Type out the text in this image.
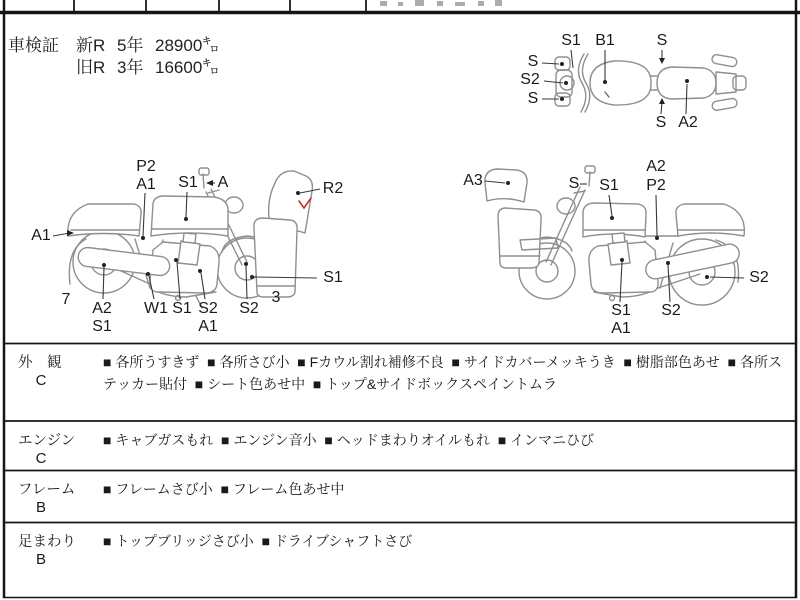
車検証 新R 5年 28900㌔
旧R 3年 16600㌔
S1 B1	S
S
S2
S
S A2
P2
A1 S1 A	R2
A1
S1
7
A2
S1
W1 S1 S2
A1
S2
3
A3	S S1
A2
P2
S2
S1
A1
S2
外　観
C
■ 各所うすきず  ■ 各所さび小  ■ Fカウル割れ補修不良  ■ サイドカバーメッキうき  ■ 樹脂部色あせ  ■ 各所ステッカー貼付  ■ シート色あせ中  ■ トップ&サイドボックスペイントムラ
エンジン
C
■ キャブガスもれ  ■ エンジン音小  ■ ヘッドまわりオイルもれ  ■ インマニひび
フレーム
B
■ フレームさび小  ■ フレーム色あせ中
足まわり
B
■ トップブリッジさび小  ■ ドライブシャフトさび
